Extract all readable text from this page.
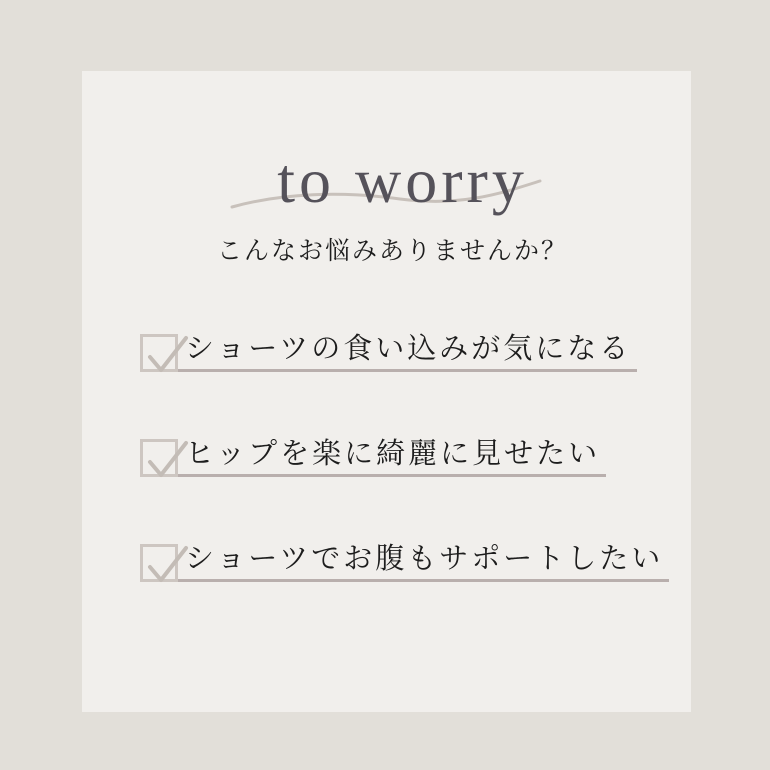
to worry
こんなお悩みありませんか？
ショーツの食い込みが気になる
ヒップを楽に綺麗に見せたい
ショーツでお腹もサポートしたい
